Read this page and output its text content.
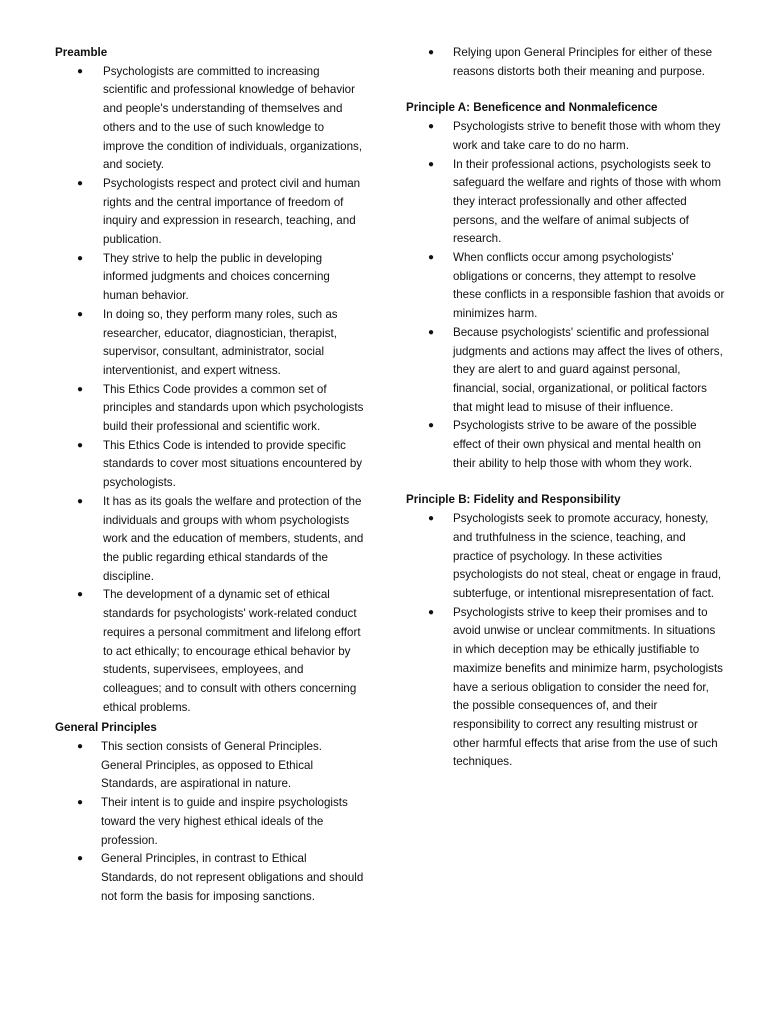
Preamble

● Psychologists are committed to increasing scientific and professional knowledge of behavior and people's understanding of themselves and others and to the use of such knowledge to improve the condition of individuals, organizations, and society.
● Psychologists respect and protect civil and human rights and the central importance of freedom of inquiry and expression in research, teaching, and publication.
● They strive to help the public in developing informed judgments and choices concerning human behavior.
● In doing so, they perform many roles, such as researcher, educator, diagnostician, therapist, supervisor, consultant, administrator, social interventionist, and expert witness.
● This Ethics Code provides a common set of principles and standards upon which psychologists build their professional and scientific work.
● This Ethics Code is intended to provide specific standards to cover most situations encountered by psychologists.
● It has as its goals the welfare and protection of the individuals and groups with whom psychologists work and the education of members, students, and the public regarding ethical standards of the discipline.
● The development of a dynamic set of ethical standards for psychologists' work-related conduct requires a personal commitment and lifelong effort to act ethically; to encourage ethical behavior by students, supervisees, employees, and colleagues; and to consult with others concerning ethical problems.

General Principles

● This section consists of General Principles. General Principles, as opposed to Ethical Standards, are aspirational in nature.
● Their intent is to guide and inspire psychologists toward the very highest ethical ideals of the profession.
● General Principles, in contrast to Ethical Standards, do not represent obligations and should not form the basis for imposing sanctions.
● Relying upon General Principles for either of these reasons distorts both their meaning and purpose.

Principle A: Beneficence and Nonmaleficence

● Psychologists strive to benefit those with whom they work and take care to do no harm.
● In their professional actions, psychologists seek to safeguard the welfare and rights of those with whom they interact professionally and other affected persons, and the welfare of animal subjects of research.
● When conflicts occur among psychologists' obligations or concerns, they attempt to resolve these conflicts in a responsible fashion that avoids or minimizes harm.
● Because psychologists' scientific and professional judgments and actions may affect the lives of others, they are alert to and guard against personal, financial, social, organizational, or political factors that might lead to misuse of their influence.
● Psychologists strive to be aware of the possible effect of their own physical and mental health on their ability to help those with whom they work.

Principle B: Fidelity and Responsibility

● Psychologists seek to promote accuracy, honesty, and truthfulness in the science, teaching, and practice of psychology. In these activities psychologists do not steal, cheat or engage in fraud, subterfuge, or intentional misrepresentation of fact.
● Psychologists strive to keep their promises and to avoid unwise or unclear commitments. In situations in which deception may be ethically justifiable to maximize benefits and minimize harm, psychologists have a serious obligation to consider the need for, the possible consequences of, and their responsibility to correct any resulting mistrust or other harmful effects that arise from the use of such techniques.
